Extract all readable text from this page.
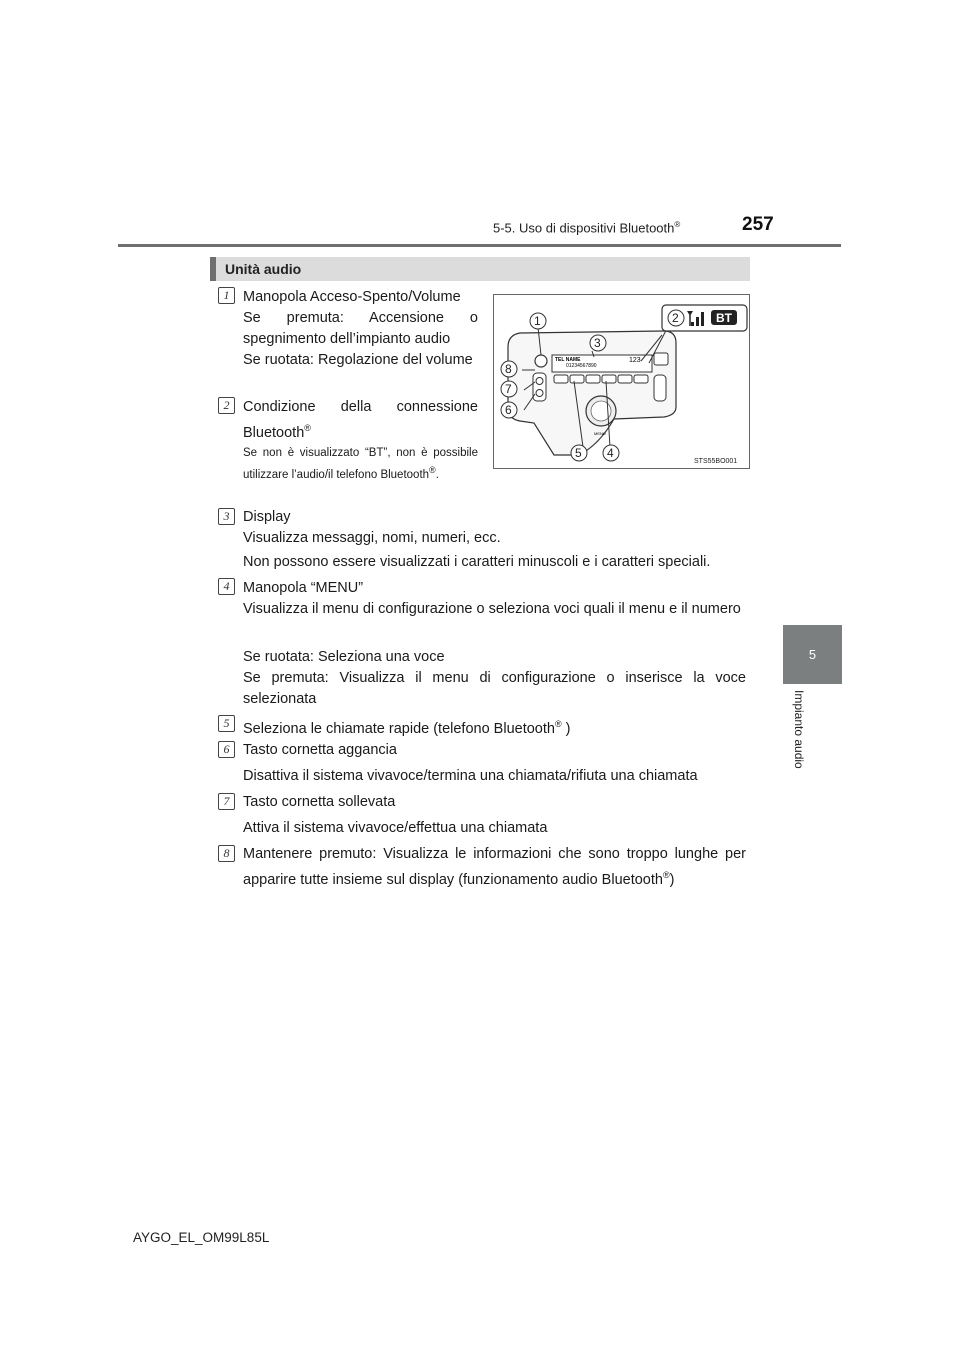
5-5. Uso di dispositivi Bluetooth®	257
5
Impianto audio
Unità audio
TEL NAME
01234567890
123
MENU
BT
1	2
3
4
5
6
7
8
STS55BO001
1 Manopola Acceso-Spento/Volume
Se premuta: Accensione o spegnimento dell’impianto audio
Se ruotata: Regolazione del volume
2 Condizione della connessione Bluetooth®
Se non è visualizzato “BT”, non è possibile utilizzare l’audio/il telefono Bluetooth®.
3 Display
Visualizza messaggi, nomi, numeri, ecc.
Non possono essere visualizzati i caratteri minuscoli e i caratteri speciali.
4 Manopola “MENU”
Visualizza il menu di configurazione o seleziona voci quali il menu e il numero
Se ruotata: Seleziona una voce
Se premuta: Visualizza il menu di configurazione o inserisce la voce selezionata
5 Seleziona le chiamate rapide (telefono Bluetooth® )
6 Tasto cornetta aggancia
Disattiva il sistema vivavoce/termina una chiamata/rifiuta una chiamata
7 Tasto cornetta sollevata
Attiva il sistema vivavoce/effettua una chiamata
8 Mantenere premuto: Visualizza le informazioni che sono troppo lunghe per apparire tutte insieme sul display (funzionamento audio Bluetooth®)
AYGO_EL_OM99L85L
